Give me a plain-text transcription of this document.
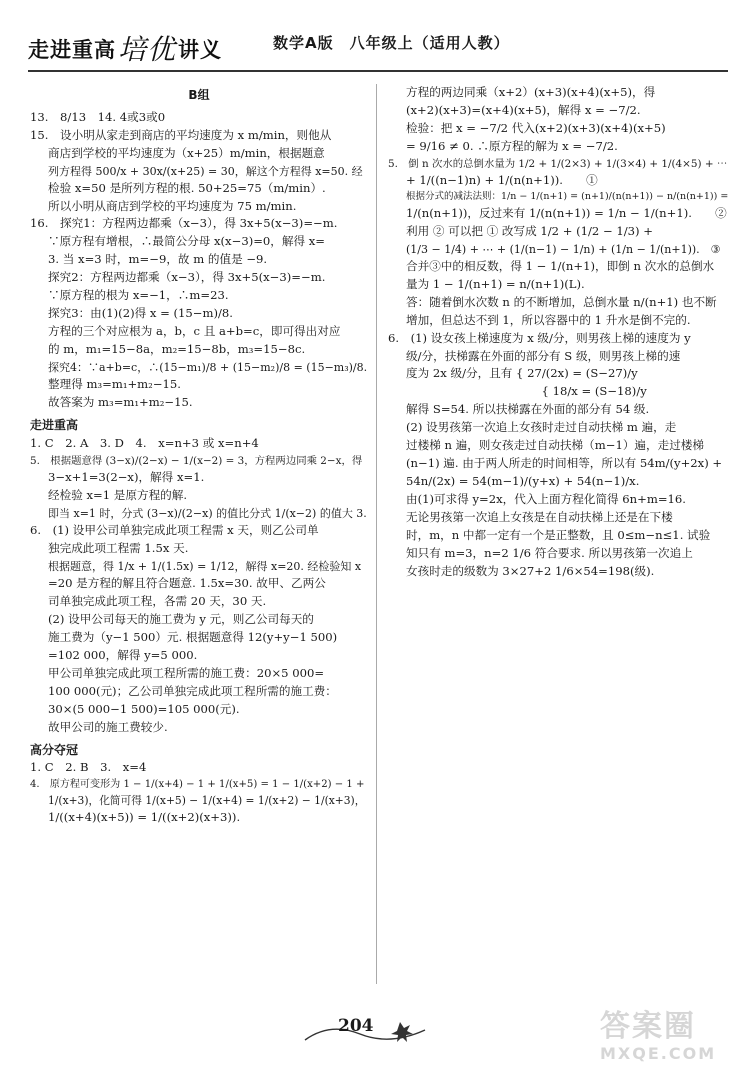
走进重高培优讲义	数学A版　八年级上（适用人教）
B组
13.　8/13　14. 4或3或0
15.　设小明从家走到商店的平均速度为 x m/min，则他从
商店到学校的平均速度为（x+25）m/min，根据题意
列方程得 500/x + 30x/(x+25) = 30，解这个方程得 x=50. 经
检验 x=50 是所列方程的根. 50+25=75（m/min）.
所以小明从商店到学校的平均速度为 75 m/min.
16.　探究1：方程两边都乘（x−3），得 3x+5(x−3)=−m.
∵原方程有增根，∴最简公分母 x(x−3)=0，解得 x=
3. 当 x=3 时，m=−9，故 m 的值是 −9.
探究2：方程两边都乘（x−3），得 3x+5(x−3)=−m.
∵原方程的根为 x=−1，∴m=23.
探究3：由(1)(2)得 x = (15−m)/8.
方程的三个对应根为 a，b，c 且 a+b=c，即可得出对应
的 m，m₁=15−8a，m₂=15−8b，m₃=15−8c.
探究4：∵a+b=c，∴(15−m₁)/8 + (15−m₂)/8 = (15−m₃)/8.
整理得 m₃=m₁+m₂−15.
故答案为 m₃=m₁+m₂−15.
走进重高
1. C　2. A　3. D　4.　x=n+3 或 x=n+4
5.　根据题意得 (3−x)/(2−x) − 1/(x−2) = 3，方程两边同乘 2−x，得
3−x+1=3(2−x)，解得 x=1.
经检验 x=1 是原方程的解.
即当 x=1 时，分式 (3−x)/(2−x) 的值比分式 1/(x−2) 的值大 3.
6.　(1) 设甲公司单独完成此项工程需 x 天，则乙公司单
独完成此项工程需 1.5x 天.
根据题意，得 1/x + 1/(1.5x) = 1/12，解得 x=20. 经检验知 x
=20 是方程的解且符合题意. 1.5x=30. 故甲、乙两公
司单独完成此项工程，各需 20 天，30 天.
(2) 设甲公司每天的施工费为 y 元，则乙公司每天的
施工费为（y−1 500）元. 根据题意得 12(y+y−1 500)
=102 000，解得 y=5 000.
甲公司单独完成此项工程所需的施工费：20×5 000=
100 000(元)；乙公司单独完成此项工程所需的施工费：
30×(5 000−1 500)=105 000(元).
故甲公司的施工费较少.
高分夺冠
1. C　2. B　3.　x=4
4.　原方程可变形为 1 − 1/(x+4) − 1 + 1/(x+5) = 1 − 1/(x+2) − 1 +
1/(x+3)，化简可得 1/(x+5) − 1/(x+4) = 1/(x+2) − 1/(x+3)，
1/((x+4)(x+5)) = 1/((x+2)(x+3)).
方程的两边同乘（x+2）(x+3)(x+4)(x+5)，得
(x+2)(x+3)=(x+4)(x+5)，解得 x = −7/2.
检验：把 x = −7/2 代入(x+2)(x+3)(x+4)(x+5)
= 9/16 ≠ 0. ∴原方程的解为 x = −7/2.
5.　倒 n 次水的总倒水量为 1/2 + 1/(2×3) + 1/(3×4) + 1/(4×5) + ⋯
+ 1/((n−1)n) + 1/(n(n+1)).　　①
根据分式的减法法则：1/n − 1/(n+1) = (n+1)/(n(n+1)) − n/(n(n+1)) =
1/(n(n+1))，反过来有 1/(n(n+1)) = 1/n − 1/(n+1).　　②
利用 ② 可以把 ① 改写成 1/2 + (1/2 − 1/3) +
(1/3 − 1/4) + ⋯ + (1/(n−1) − 1/n) + (1/n − 1/(n+1)).　③
合并③中的相反数，得 1 − 1/(n+1)，即倒 n 次水的总倒水
量为 1 − 1/(n+1) = n/(n+1)(L).
答：随着倒水次数 n 的不断增加，总倒水量 n/(n+1) 也不断
增加，但总达不到 1，所以容器中的 1 升水是倒不完的.
6.　(1) 设女孩上梯速度为 x 级/分，则男孩上梯的速度为 y
级/分，扶梯露在外面的部分有 S 级，则男孩上梯的速
度为 2x 级/分，且有 { 27/(2x) = (S−27)/y
　　　　　　　　　　　{ 18/x = (S−18)/y
解得 S=54. 所以扶梯露在外面的部分有 54 级.
(2) 设男孩第一次追上女孩时走过自动扶梯 m 遍，走
过楼梯 n 遍，则女孩走过自动扶梯（m−1）遍，走过楼梯
(n−1) 遍. 由于两人所走的时间相等，所以有 54m/(y+2x) +
54n/(2x) = 54(m−1)/(y+x) + 54(n−1)/x.
由(1)可求得 y=2x，代入上面方程化简得 6n+m=16.
无论男孩第一次追上女孩是在自动扶梯上还是在下楼
时，m，n 中都一定有一个是正整数，且 0≤m−n≤1. 试验
知只有 m=3，n=2 1/6 符合要求. 所以男孩第一次追上
女孩时走的级数为 3×27+2 1/6×54=198(级).
204	答案圈
MXQE.COM
